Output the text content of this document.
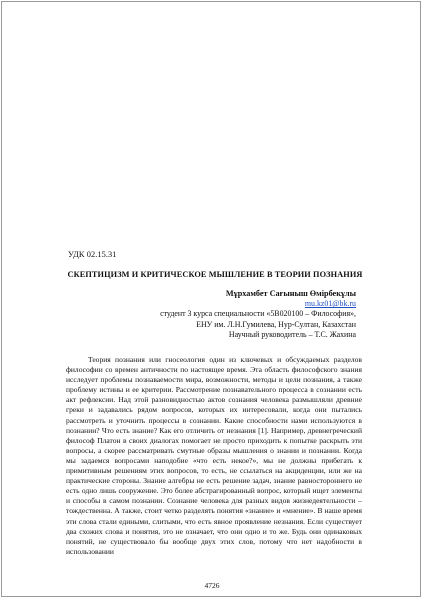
УДК 02.15.31
СКЕПТИЦИЗМ И КРИТИЧЕСКОЕ МЫШЛЕНИЕ В ТЕОРИИ ПОЗНАНИЯ
Мұрхамбет Сағыныш Өмірбекұлы
mu.kz01@bk.ru
студент 3 курса специальности «5В020100 – Философия»,
ЕНУ им. Л.Н.Гумилева, Нур-Султан, Казахстан
Научный руководитель – Т.С. Жахина

Теория познания или гносеология один из ключевых и обсуждаемых разделов философии со времен античности по настоящее время. Эта область философского знания исследует проблемы познаваемости мира, возможности, методы и цели познания, а также проблему истины и ее критерии. Рассмотрение познавательного процесса в сознании есть акт рефлексии. Над этой разновидностью актов сознания человека размышляли древние греки и задавались рядом вопросов, которых их интересовали, когда они пытались рассмотреть и уточнить процессы в сознании. Какие способности нами используются в познании? Что есть знание? Как его отличить от незнания [1]. Например, древнегреческий философ Платон в своих диалогах помогает не просто приходить к попытке раскрыть эти вопросы, а скорее рассматривать смутные образы мышления о знании и познании. Когда мы задаемся вопросами наподобие «что есть некое?», мы не должны прибегать к примитивным решениям этих вопросов, то есть, не ссылаться на акциденции, или же на практические стороны. Знание алгебры не есть решение задач, знание равностороннего не есть одно лишь сооружение. Это более абстрагированный вопрос, который ищет элементы и способы в самом познании. Сознание человека для разных видов жизнедеятельности – тождественна. А также, стоит четко разделять понятия «знание» и «мнение». В наше время эти слова стали едиными, слитыми, что есть явное проявление незнания. Если существует два схожих слова и понятия, это не означает, что они одно и то же. Будь они одинаковых понятий, не существовало бы вообще двух этих слов, потому что нет надобности в использовании

4726
